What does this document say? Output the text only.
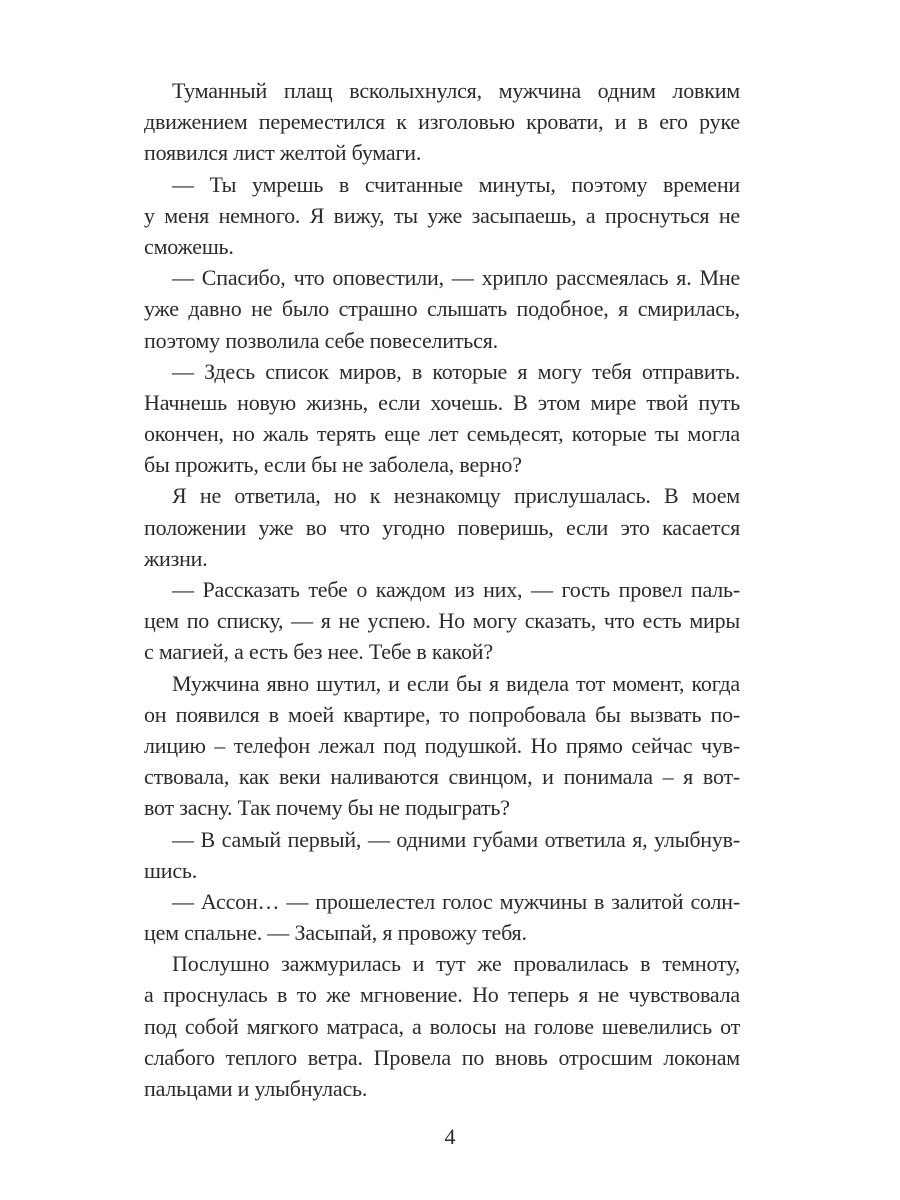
Туманный плащ всколыхнулся, мужчина одним ловким
движением переместился к изголовью кровати, и в его руке
появился лист желтой бумаги.
— Ты умрешь в считанные минуты, поэтому времени
у меня немного. Я вижу, ты уже засыпаешь, а проснуться не
сможешь.
— Спасибо, что оповестили, — хрипло рассмеялась я. Мне
уже давно не было страшно слышать подобное, я смирилась,
поэтому позволила себе повеселиться.
— Здесь список миров, в которые я могу тебя отправить.
Начнешь новую жизнь, если хочешь. В этом мире твой путь
окончен, но жаль терять еще лет семьдесят, которые ты могла
бы прожить, если бы не заболела, верно?
Я не ответила, но к незнакомцу прислушалась. В моем
положении уже во что угодно поверишь, если это касается
жизни.
— Рассказать тебе о каждом из них, — гость провел паль-
цем по списку, — я не успею. Но могу сказать, что есть миры
с магией, а есть без нее. Тебе в какой?
Мужчина явно шутил, и если бы я видела тот момент, когда
он появился в моей квартире, то попробовала бы вызвать по-
лицию – телефон лежал под подушкой. Но прямо сейчас чув-
ствовала, как веки наливаются свинцом, и понимала – я вот-
вот засну. Так почему бы не подыграть?
— В самый первый, — одними губами ответила я, улыбнув-
шись.
— Ассон… — прошелестел голос мужчины в залитой солн-
цем спальне. — Засыпай, я провожу тебя.
Послушно зажмурилась и тут же провалилась в темноту,
а проснулась в то же мгновение. Но теперь я не чувствовала
под собой мягкого матраса, а волосы на голове шевелились от
слабого теплого ветра. Провела по вновь отросшим локонам
пальцами и улыбнулась.
4
